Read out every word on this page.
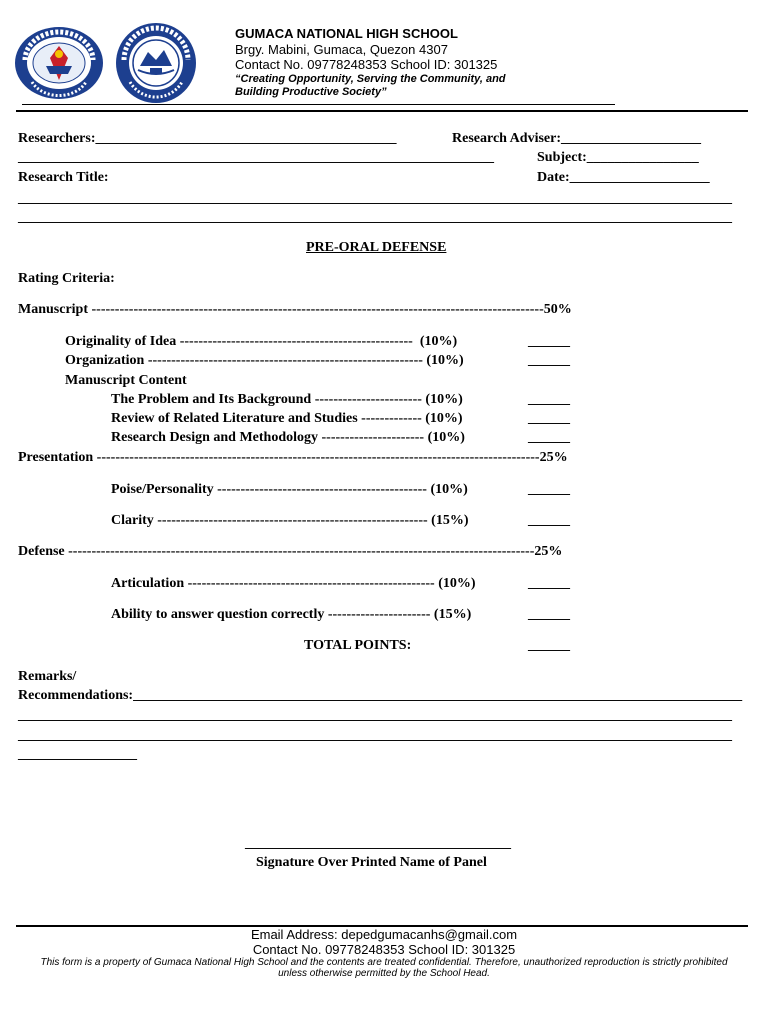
GUMACA NATIONAL HIGH SCHOOL
Brgy. Mabini, Gumaca, Quezon 4307
Contact No. 09778248353 School ID: 301325
“Creating Opportunity, Serving the Community, and
Building Productive Society”
Researchers:___________________________________________	Research Adviser:____________________
____________________________________________________________________	Subject:________________
Research Title:	Date:____________________
______________________________________________________________________________________________________
______________________________________________________________________________________________________
PRE-ORAL DEFENSE
Rating Criteria:
Manuscript -------------------------------------------------------------------------------------------------50%
Originality of Idea --------------------------------------------------  (10%)	______
Organization ----------------------------------------------------------- (10%)	______
Manuscript Content
The Problem and Its Background ----------------------- (10%)	______
Review of Related Literature and Studies ------------- (10%)	______
Research Design and Methodology ---------------------- (10%)	______
Presentation -----------------------------------------------------------------------------------------------25%
Poise/Personality --------------------------------------------- (10%)	______
Clarity ---------------------------------------------------------- (15%)	______
Defense ----------------------------------------------------------------------------------------------------25%
Articulation ----------------------------------------------------- (10%)	______
Ability to answer question correctly ---------------------- (15%)	______
TOTAL POINTS:	______
Remarks/
Recommendations:_______________________________________________________________________________________
______________________________________________________________________________________________________
______________________________________________________________________________________________________
_________________
______________________________________
Signature Over Printed Name of Panel
Email Address: depedgumacanhs@gmail.com
Contact No. 09778248353 School ID: 301325
This form is a property of Gumaca National High School and the contents are treated confidential. Therefore, unauthorized reproduction is strictly prohibited
unless otherwise permitted by the School Head.
